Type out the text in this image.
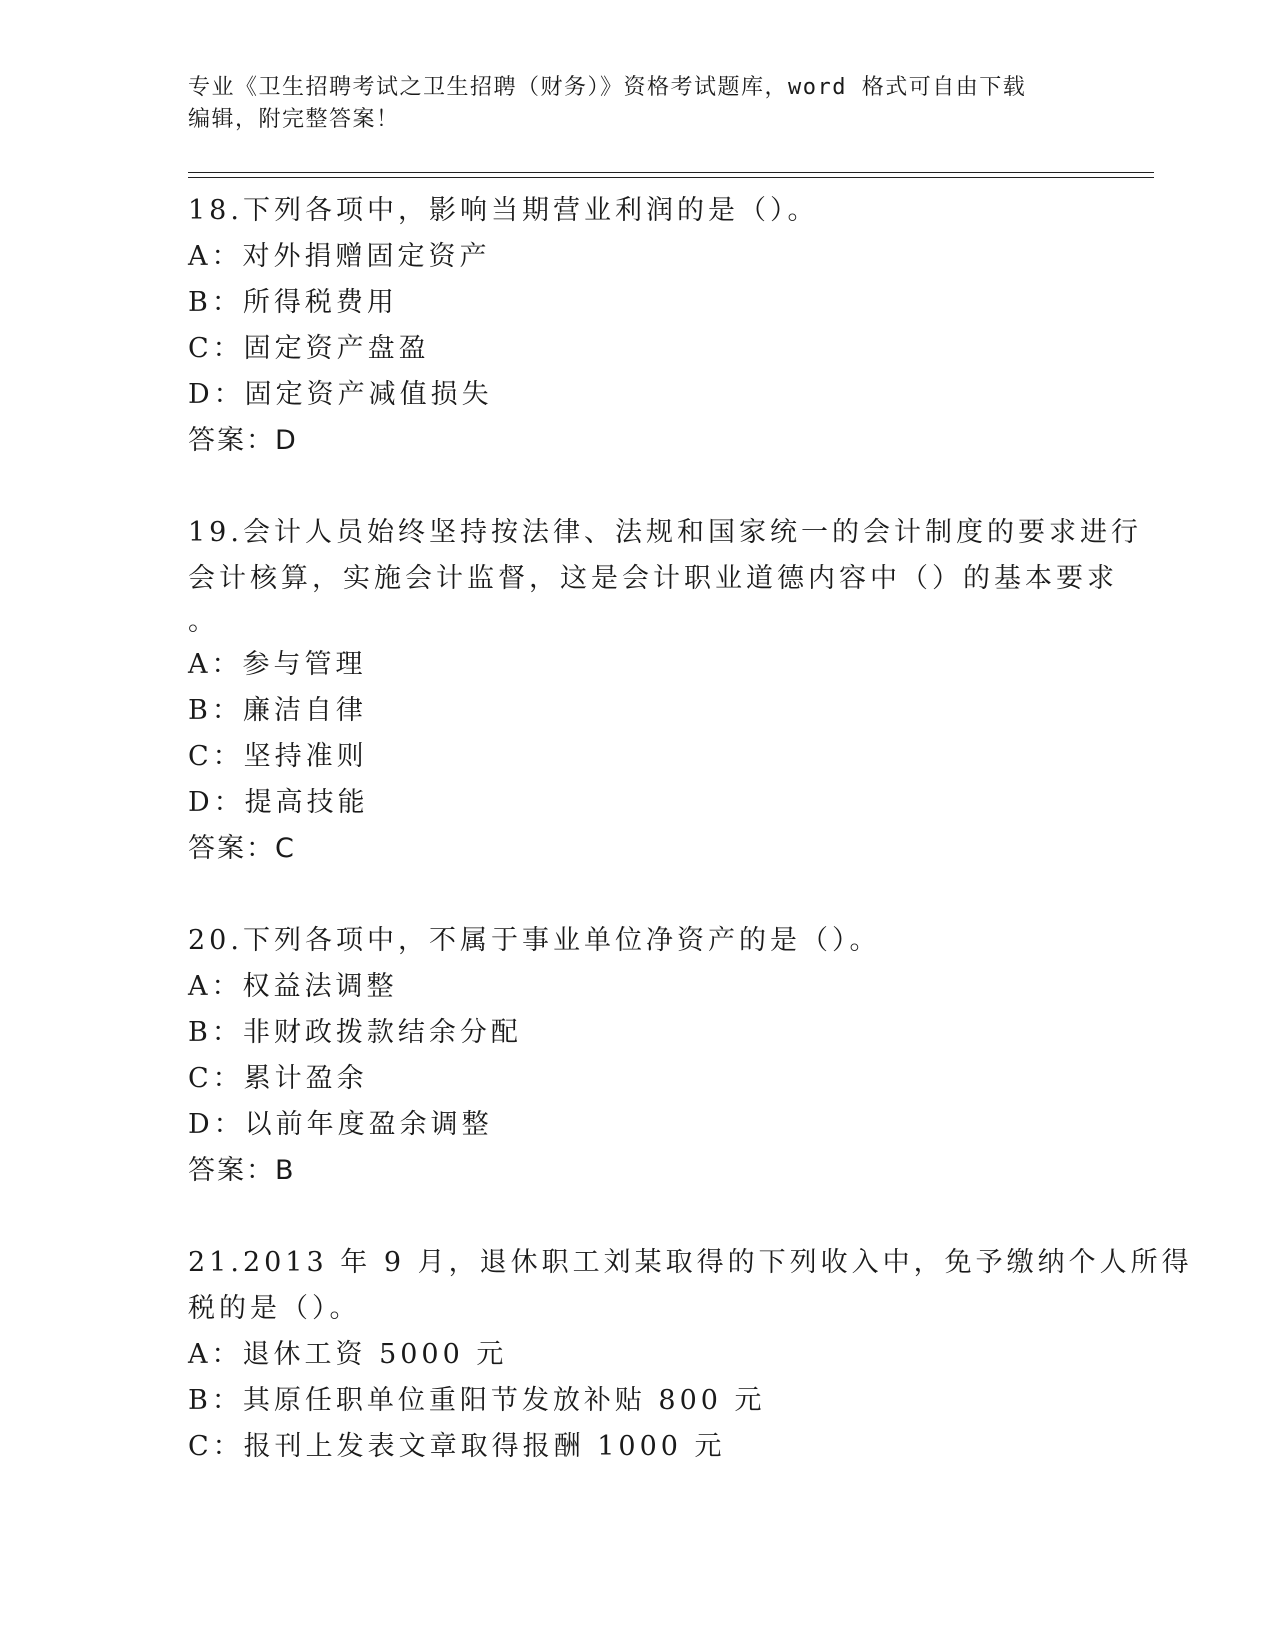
专业《卫生招聘考试之卫生招聘（财务）》资格考试题库，word 格式可自由下载
编辑，附完整答案！
18.下列各项中，影响当期营业利润的是（）。
A：对外捐赠固定资产
B：所得税费用
C：固定资产盘盈
D：固定资产减值损失
答案：D
19.会计人员始终坚持按法律、法规和国家统一的会计制度的要求进行
会计核算，实施会计监督，这是会计职业道德内容中（）的基本要求
。
A：参与管理
B：廉洁自律
C：坚持准则
D：提高技能
答案：C
20.下列各项中，不属于事业单位净资产的是（）。
A：权益法调整
B：非财政拨款结余分配
C：累计盈余
D：以前年度盈余调整
答案：B
21.2013 年 9 月，退休职工刘某取得的下列收入中，免予缴纳个人所得
税的是（）。
A：退休工资 5000 元
B：其原任职单位重阳节发放补贴 800 元
C：报刊上发表文章取得报酬 1000 元
